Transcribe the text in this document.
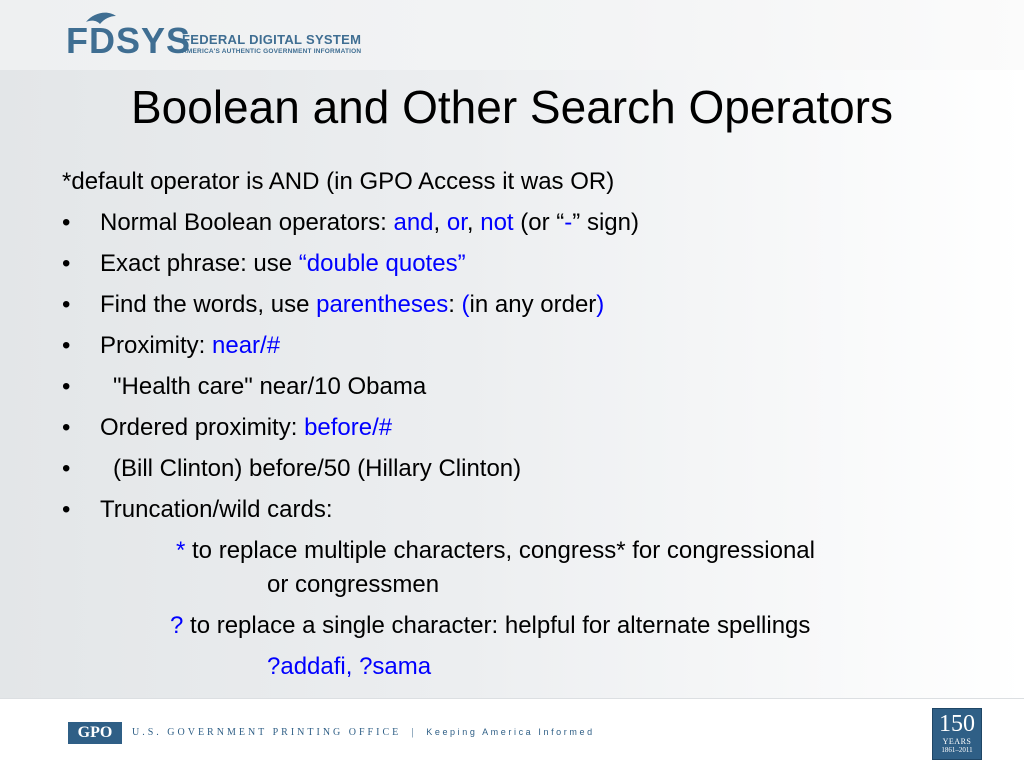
FDSYS
FEDERAL DIGITAL SYSTEM
AMERICA'S AUTHENTIC GOVERNMENT INFORMATION
Boolean and Other Search Operators
*default operator is AND (in GPO Access it was OR)
• Normal Boolean operators: and, or, not (or “-” sign)
• Exact phrase: use “double quotes”
• Find the words, use parentheses: (in any order)
• Proximity: near/#
• "Health care" near/10 Obama
• Ordered proximity: before/#
• (Bill Clinton) before/50 (Hillary Clinton)
• Truncation/wild cards:
* to replace multiple characters, congress* for congressional
or congressmen
? to replace a single character: helpful for alternate spellings
?addafi, ?sama
GPO	U.S. GOVERNMENT PRINTING OFFICE | Keeping America Informed	150
YEARS
1861–2011
